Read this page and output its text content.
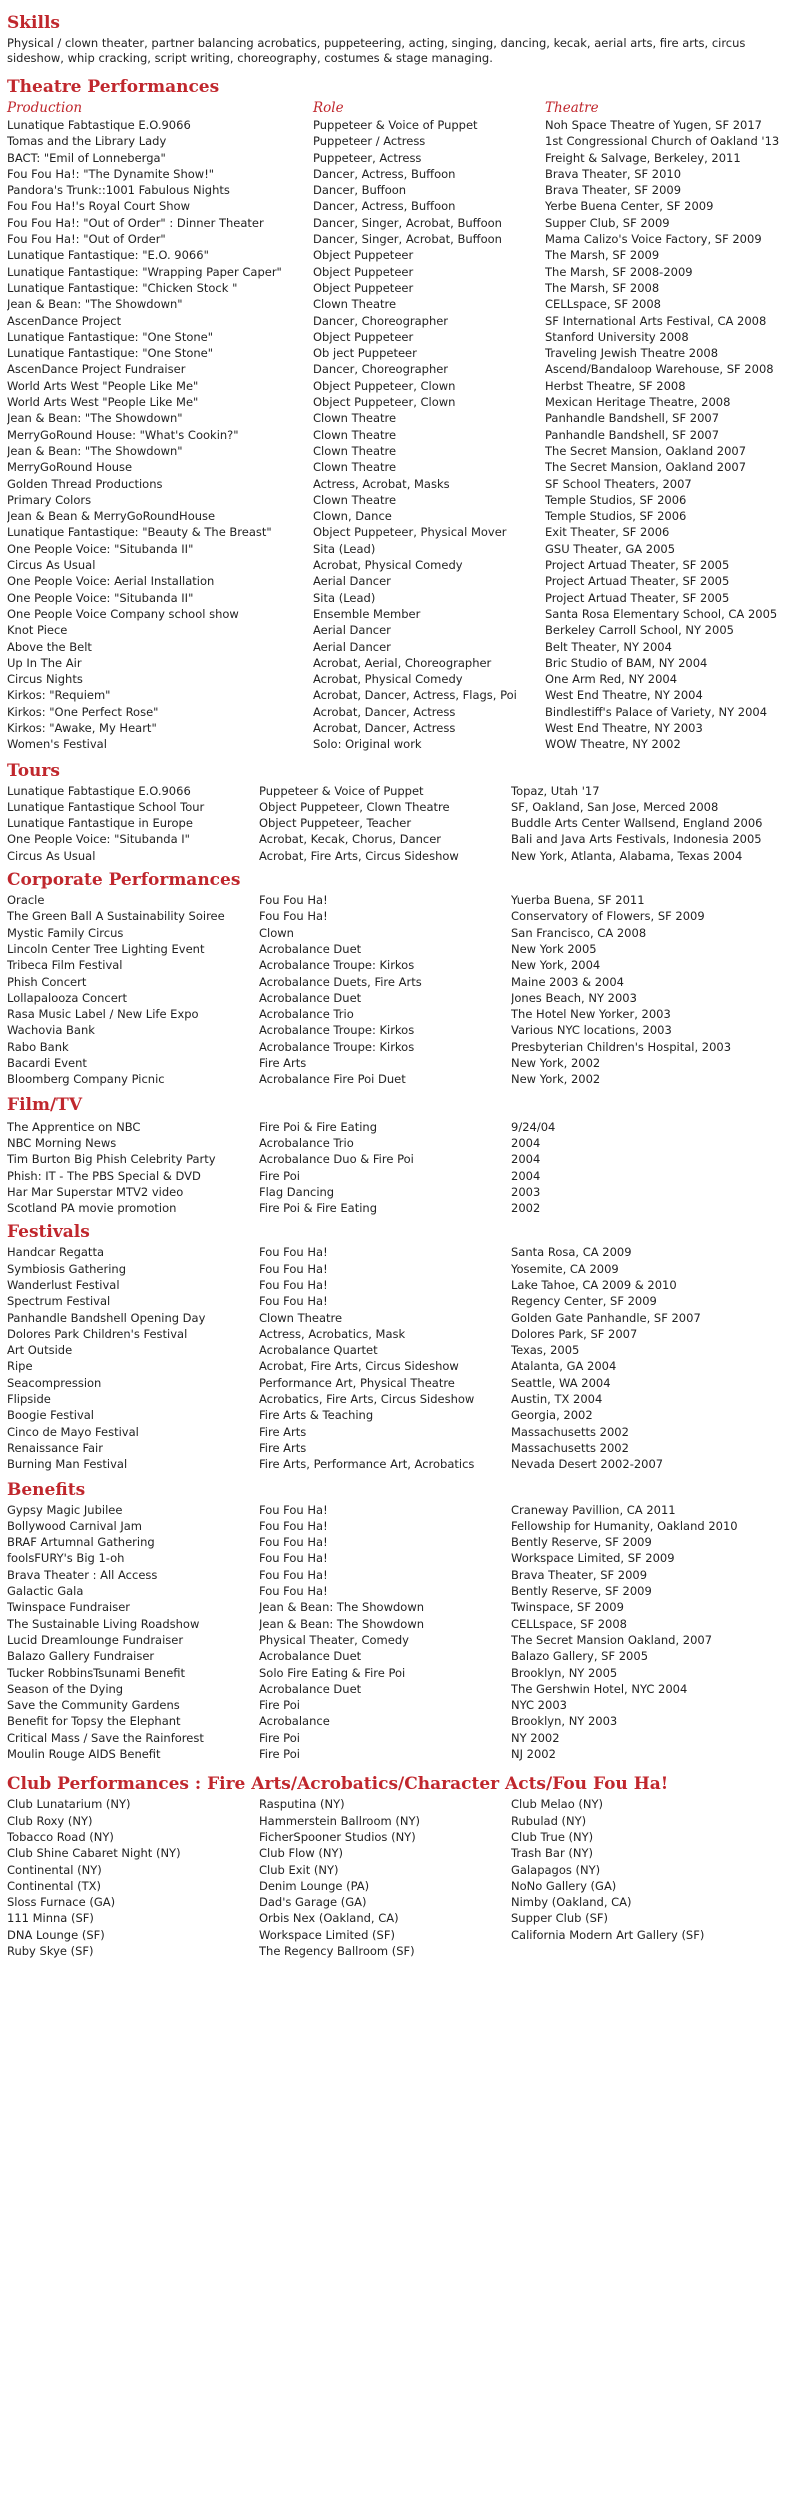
Skills
Physical / clown theater, partner balancing acrobatics, puppeteering, acting, singing, dancing, kecak, aerial arts, fire arts, circus sideshow, whip cracking, script writing, choreography, costumes & stage managing.
Theatre Performances
Production	Role	Theatre
Lunatique Fabtastique E.O.9066	Puppeteer & Voice of Puppet	Noh Space Theatre of Yugen, SF 2017
Tomas and the Library Lady	Puppeteer / Actress	1st Congressional Church of Oakland '13
BACT: "Emil of Lonneberga"	Puppeteer, Actress	Freight & Salvage, Berkeley, 2011
Fou Fou Ha!: "The Dynamite Show!"	Dancer, Actress, Buffoon	Brava Theater, SF 2010
Pandora's Trunk::1001 Fabulous Nights	Dancer, Buffoon	Brava Theater, SF 2009
Fou Fou Ha!'s Royal Court Show	Dancer, Actress, Buffoon	Yerbe Buena Center, SF 2009
Fou Fou Ha!: "Out of Order" : Dinner Theater	Dancer, Singer, Acrobat, Buffoon	Supper Club, SF 2009
Fou Fou Ha!: "Out of Order"	Dancer, Singer, Acrobat, Buffoon	Mama Calizo's Voice Factory, SF 2009
Lunatique Fantastique: "E.O. 9066"	Object Puppeteer	The Marsh, SF 2009
Lunatique Fantastique: "Wrapping Paper Caper"	Object Puppeteer	The Marsh, SF 2008-2009
Lunatique Fantastique: "Chicken Stock "	Object Puppeteer	The Marsh, SF 2008
Jean & Bean: "The Showdown"	Clown Theatre	CELLspace, SF 2008
AscenDance Project	Dancer, Choreographer	SF International Arts Festival, CA 2008
Lunatique Fantastique: "One Stone"	Object Puppeteer	Stanford University 2008
Lunatique Fantastique: "One Stone"	Ob ject Puppeteer	Traveling Jewish Theatre 2008
AscenDance Project Fundraiser	Dancer, Choreographer	Ascend/Bandaloop Warehouse, SF 2008
World Arts West "People Like Me"	Object Puppeteer, Clown	Herbst Theatre, SF 2008
World Arts West "People Like Me"	Object Puppeteer, Clown	Mexican Heritage Theatre, 2008
Jean & Bean: "The Showdown"	Clown Theatre	Panhandle Bandshell, SF 2007
MerryGoRound House: "What's Cookin?"	Clown Theatre	Panhandle Bandshell, SF 2007
Jean & Bean: "The Showdown"	Clown Theatre	The Secret Mansion, Oakland 2007
MerryGoRound House	Clown Theatre	The Secret Mansion, Oakland 2007
Golden Thread Productions	Actress, Acrobat, Masks	SF School Theaters, 2007
Primary Colors	Clown Theatre	Temple Studios, SF 2006
Jean & Bean & MerryGoRoundHouse	Clown, Dance	Temple Studios, SF 2006
Lunatique Fantastique: "Beauty & The Breast"	Object Puppeteer, Physical Mover	Exit Theater, SF 2006
One People Voice: "Situbanda II"	Sita (Lead)	GSU Theater, GA 2005
Circus As Usual	Acrobat, Physical Comedy	Project Artuad Theater, SF 2005
One People Voice: Aerial Installation	Aerial Dancer	Project Artuad Theater, SF 2005
One People Voice: "Situbanda II"	Sita (Lead)	Project Artuad Theater, SF 2005
One People Voice Company school show	Ensemble Member	Santa Rosa Elementary School, CA 2005
Knot Piece	Aerial Dancer	Berkeley Carroll School, NY 2005
Above the Belt	Aerial Dancer	Belt Theater, NY 2004
Up In The Air	Acrobat, Aerial, Choreographer	Bric Studio of BAM, NY 2004
Circus Nights	Acrobat, Physical Comedy	One Arm Red, NY 2004
Kirkos: "Requiem"	Acrobat, Dancer, Actress, Flags, Poi	West End Theatre, NY 2004
Kirkos: "One Perfect Rose"	Acrobat, Dancer, Actress	Bindlestiff's Palace of Variety, NY 2004
Kirkos: "Awake, My Heart"	Acrobat, Dancer, Actress	West End Theatre, NY 2003
Women's Festival	Solo: Original work	WOW Theatre, NY 2002
Tours
Lunatique Fabtastique E.O.9066	Puppeteer & Voice of Puppet	Topaz, Utah '17
Lunatique Fantastique School Tour	Object Puppeteer, Clown Theatre	SF, Oakland, San Jose, Merced 2008
Lunatique Fantastique in Europe	Object Puppeteer, Teacher	Buddle Arts Center Wallsend, England 2006
One People Voice: "Situbanda I"	Acrobat, Kecak, Chorus, Dancer	Bali and Java Arts Festivals, Indonesia 2005
Circus As Usual	Acrobat, Fire Arts, Circus Sideshow	New York, Atlanta, Alabama, Texas 2004
Corporate Performances
Oracle	Fou Fou Ha!	Yuerba Buena, SF 2011
The Green Ball A Sustainability Soiree	Fou Fou Ha!	Conservatory of Flowers, SF 2009
Mystic Family Circus	Clown	San Francisco, CA 2008
Lincoln Center Tree Lighting Event	Acrobalance Duet	New York 2005
Tribeca Film Festival	Acrobalance Troupe: Kirkos	New York, 2004
Phish Concert	Acrobalance Duets, Fire Arts	Maine 2003 & 2004
Lollapalooza Concert	Acrobalance Duet	Jones Beach, NY 2003
Rasa Music Label / New Life Expo	Acrobalance Trio	The Hotel New Yorker, 2003
Wachovia Bank	Acrobalance Troupe: Kirkos	Various NYC locations, 2003
Rabo Bank	Acrobalance Troupe: Kirkos	Presbyterian Children's Hospital, 2003
Bacardi Event	Fire Arts	New York, 2002
Bloomberg Company Picnic	Acrobalance Fire Poi Duet	New York, 2002
Film/TV
The Apprentice on NBC	Fire Poi & Fire Eating	9/24/04
NBC Morning News	Acrobalance Trio	2004
Tim Burton Big Phish Celebrity Party	Acrobalance Duo & Fire Poi	2004
Phish: IT - The PBS Special & DVD	Fire Poi	2004
Har Mar Superstar MTV2 video	Flag Dancing	2003
Scotland PA movie promotion	Fire Poi & Fire Eating	2002
Festivals
Handcar Regatta	Fou Fou Ha!	Santa Rosa, CA 2009
Symbiosis Gathering	Fou Fou Ha!	Yosemite, CA 2009
Wanderlust Festival	Fou Fou Ha!	Lake Tahoe, CA 2009 & 2010
Spectrum Festival	Fou Fou Ha!	Regency Center, SF 2009
Panhandle Bandshell Opening Day	Clown Theatre	Golden Gate Panhandle, SF 2007
Dolores Park Children's Festival	Actress, Acrobatics, Mask	Dolores Park, SF 2007
Art Outside	Acrobalance Quartet	Texas, 2005
Ripe	Acrobat, Fire Arts, Circus Sideshow	Atalanta, GA 2004
Seacompression	Performance Art, Physical Theatre	Seattle, WA 2004
Flipside	Acrobatics, Fire Arts, Circus Sideshow	Austin, TX 2004
Boogie Festival	Fire Arts & Teaching	Georgia, 2002
Cinco de Mayo Festival	Fire Arts	Massachusetts 2002
Renaissance Fair	Fire Arts	Massachusetts 2002
Burning Man Festival	Fire Arts, Performance Art, Acrobatics	Nevada Desert 2002-2007
Benefits
Gypsy Magic Jubilee	Fou Fou Ha!	Craneway Pavillion, CA 2011
Bollywood Carnival Jam	Fou Fou Ha!	Fellowship for Humanity, Oakland 2010
BRAF Artumnal Gathering	Fou Fou Ha!	Bently Reserve, SF 2009
foolsFURY's Big 1-oh	Fou Fou Ha!	Workspace Limited, SF 2009
Brava Theater : All Access	Fou Fou Ha!	Brava Theater, SF 2009
Galactic Gala	Fou Fou Ha!	Bently Reserve, SF 2009
Twinspace Fundraiser	Jean & Bean: The Showdown	Twinspace, SF 2009
The Sustainable Living Roadshow	Jean & Bean: The Showdown	CELLspace, SF 2008
Lucid Dreamlounge Fundraiser	Physical Theater, Comedy	The Secret Mansion Oakland, 2007
Balazo Gallery Fundraiser	Acrobalance Duet	Balazo Gallery, SF 2005
Tucker RobbinsTsunami Benefit	Solo Fire Eating & Fire Poi	Brooklyn, NY 2005
Season of the Dying	Acrobalance Duet	The Gershwin Hotel, NYC 2004
Save the Community Gardens	Fire Poi	NYC 2003
Benefit for Topsy the Elephant	Acrobalance	Brooklyn, NY 2003
Critical Mass / Save the Rainforest	Fire Poi	NY 2002
Moulin Rouge AIDS Benefit	Fire Poi	NJ 2002
Club Performances : Fire Arts/Acrobatics/Character Acts/Fou Fou Ha!
Club Lunatarium (NY)	Rasputina (NY)	Club Melao (NY)
Club Roxy (NY)	Hammerstein Ballroom (NY)	Rubulad (NY)
Tobacco Road (NY)	FicherSpooner Studios (NY)	Club True (NY)
Club Shine Cabaret Night (NY)	Club Flow (NY)	Trash Bar (NY)
Continental (NY)	Club Exit (NY)	Galapagos (NY)
Continental (TX)	Denim Lounge (PA)	NoNo Gallery (GA)
Sloss Furnace (GA)	Dad's Garage (GA)	Nimby (Oakland, CA)
111 Minna (SF)	Orbis Nex (Oakland, CA)	Supper Club (SF)
DNA Lounge (SF)	Workspace Limited (SF)	California Modern Art Gallery (SF)
Ruby Skye (SF)	The Regency Ballroom (SF)
